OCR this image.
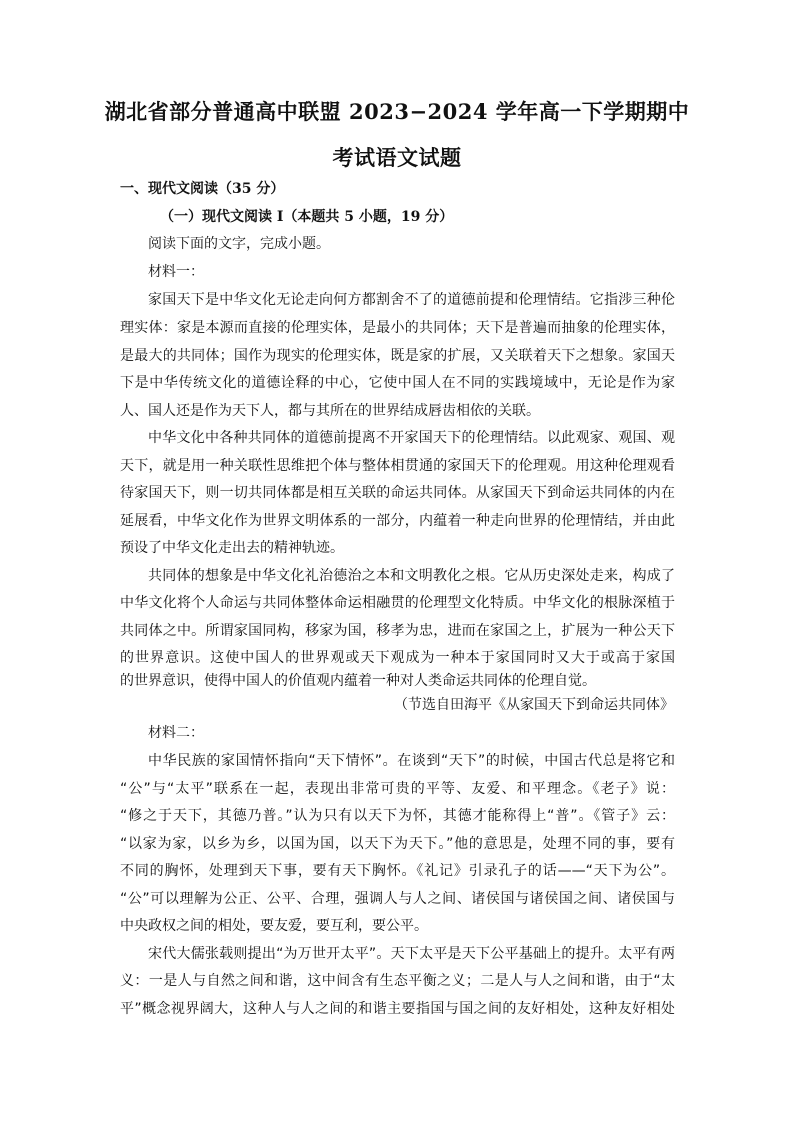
湖北省部分普通高中联盟 2023−2024 学年高一下学期期中
考试语文试题
一、现代文阅读（35 分）
（一）现代文阅读 I（本题共 5 小题，19 分）
阅读下面的文字，完成小题。
材料一：
家国天下是中华文化无论走向何方都割舍不了的道德前提和伦理情结。它指涉三种伦
理实体：家是本源而直接的伦理实体，是最小的共同体；天下是普遍而抽象的伦理实体，
是最大的共同体；国作为现实的伦理实体，既是家的扩展，又关联着天下之想象。家国天
下是中华传统文化的道德诠释的中心，它使中国人在不同的实践境域中，无论是作为家
人、国人还是作为天下人，都与其所在的世界结成唇齿相依的关联。
中华文化中各种共同体的道德前提离不开家国天下的伦理情结。以此观家、观国、观
天下，就是用一种关联性思维把个体与整体相贯通的家国天下的伦理观。用这种伦理观看
待家国天下，则一切共同体都是相互关联的命运共同体。从家国天下到命运共同体的内在
延展看，中华文化作为世界文明体系的一部分，内蕴着一种走向世界的伦理情结，并由此
预设了中华文化走出去的精神轨迹。
共同体的想象是中华文化礼治德治之本和文明教化之根。它从历史深处走来，构成了
中华文化将个人命运与共同体整体命运相融贯的伦理型文化特质。中华文化的根脉深植于
共同体之中。所谓家国同构，移家为国，移孝为忠，进而在家国之上，扩展为一种公天下
的世界意识。这使中国人的世界观或天下观成为一种本于家国同时又大于或高于家国
的世界意识，使得中国人的价值观内蕴着一种对人类命运共同体的伦理自觉。
（节选自田海平《从家国天下到命运共同体》
材料二：
中华民族的家国情怀指向“天下情怀”。在谈到“天下”的时候，中国古代总是将它和
“公”与“太平”联系在一起，表现出非常可贵的平等、友爱、和平理念。《老子》说：
“修之于天下，其德乃普。”认为只有以天下为怀，其德才能称得上“普”。《管子》云：
“以家为家，以乡为乡，以国为国，以天下为天下。”他的意思是，处理不同的事，要有
不同的胸怀，处理到天下事，要有天下胸怀。《礼记》引录孔子的话——“天下为公”。
“公”可以理解为公正、公平、合理，强调人与人之间、诸侯国与诸侯国之间、诸侯国与
中央政权之间的相处，要友爱，要互利，要公平。
宋代大儒张载则提出“为万世开太平”。天下太平是天下公平基础上的提升。太平有两
义：一是人与自然之间和谐，这中间含有生态平衡之义；二是人与人之间和谐，由于“太
平”概念视界阔大，这种人与人之间的和谐主要指国与国之间的友好相处，这种友好相处
